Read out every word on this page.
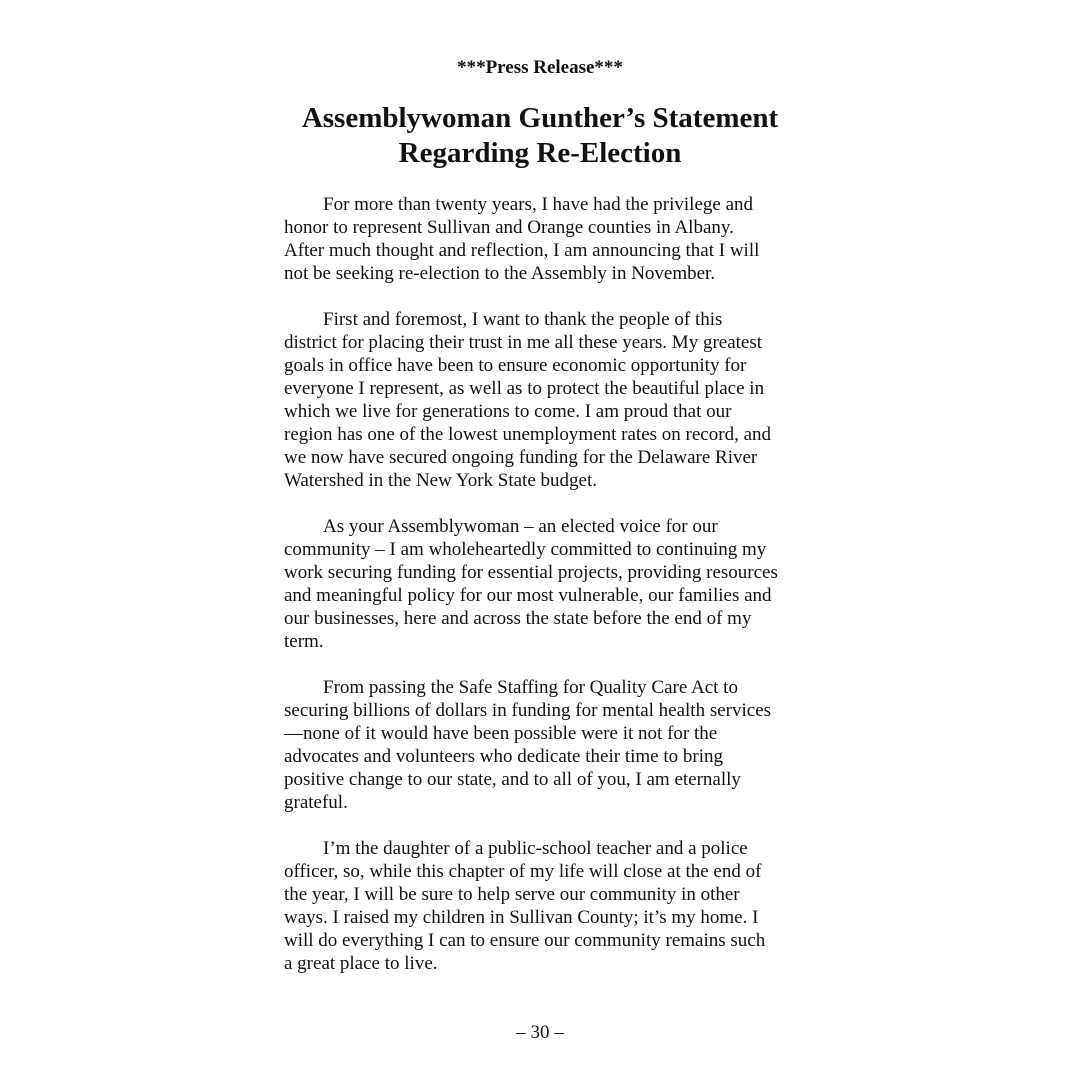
***Press Release***
Assemblywoman Gunther’s Statement
Regarding Re-Election

For more than twenty years, I have had the privilege and
honor to represent Sullivan and Orange counties in Albany.
After much thought and reflection, I am announcing that I will
not be seeking re-election to the Assembly in November.

First and foremost, I want to thank the people of this
district for placing their trust in me all these years. My greatest
goals in office have been to ensure economic opportunity for
everyone I represent, as well as to protect the beautiful place in
which we live for generations to come. I am proud that our
region has one of the lowest unemployment rates on record, and
we now have secured ongoing funding for the Delaware River
Watershed in the New York State budget.

As your Assemblywoman – an elected voice for our
community – I am wholeheartedly committed to continuing my
work securing funding for essential projects, providing resources
and meaningful policy for our most vulnerable, our families and
our businesses, here and across the state before the end of my
term.

From passing the Safe Staffing for Quality Care Act to
securing billions of dollars in funding for mental health services
—none of it would have been possible were it not for the
advocates and volunteers who dedicate their time to bring
positive change to our state, and to all of you, I am eternally
grateful.

I’m the daughter of a public-school teacher and a police
officer, so, while this chapter of my life will close at the end of
the year, I will be sure to help serve our community in other
ways. I raised my children in Sullivan County; it’s my home. I
will do everything I can to ensure our community remains such
a great place to live.

– 30 –
